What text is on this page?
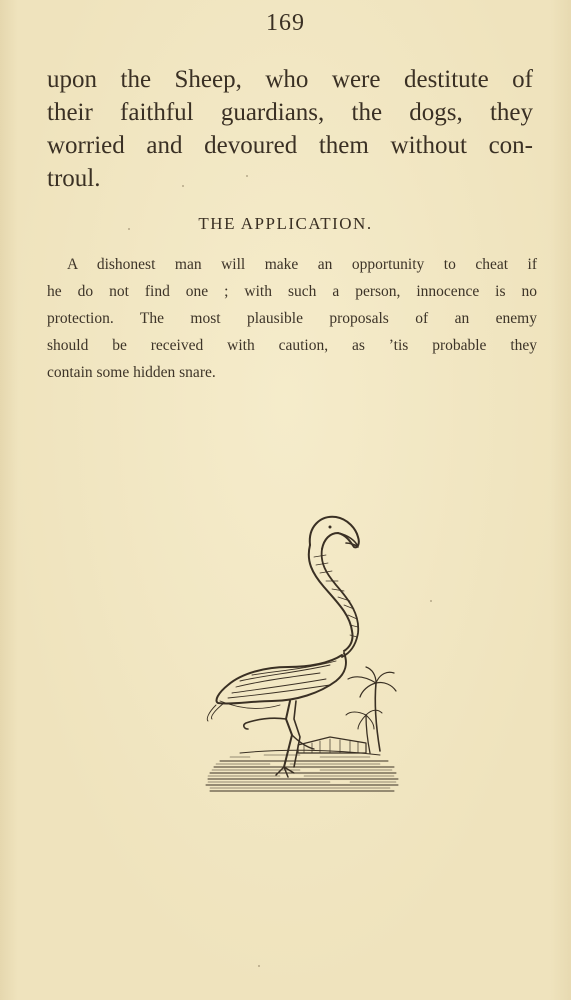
169
upon the Sheep, who were destitute of
their faithful guardians, the dogs, they
worried and devoured them without con-
troul.
THE APPLICATION.
A dishonest man will make an opportunity to cheat if
he do not find one ; with such a person, innocence is no
protection. The most plausible proposals of an enemy
should be received with caution, as ’tis probable they
contain some hidden snare.
